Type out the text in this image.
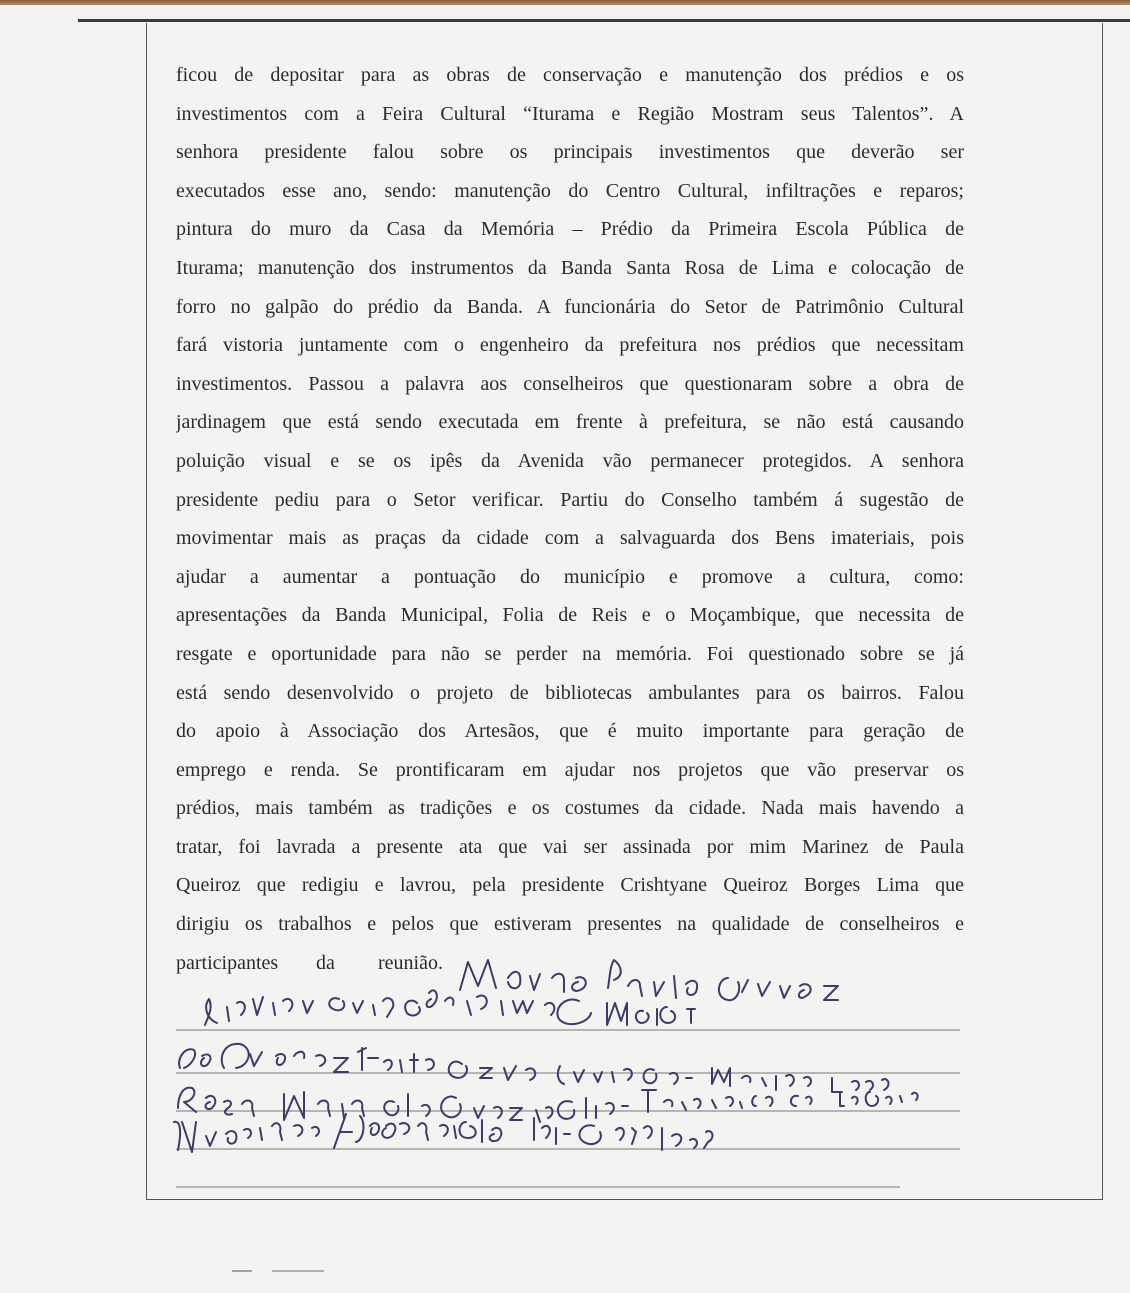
ficou de depositar para as obras de conservação e manutenção dos prédios e os
investimentos com a Feira Cultural “Iturama e Região Mostram seus Talentos”. A
senhora presidente falou sobre os principais investimentos que deverão ser
executados esse ano, sendo: manutenção do Centro Cultural, infiltrações e reparos;
pintura do muro da Casa da Memória – Prédio da Primeira Escola Pública de
Iturama; manutenção dos instrumentos da Banda Santa Rosa de Lima e colocação de
forro no galpão do prédio da Banda. A funcionária do Setor de Patrimônio Cultural
fará vistoria juntamente com o engenheiro da prefeitura nos prédios que necessitam
investimentos. Passou a palavra aos conselheiros que questionaram sobre a obra de
jardinagem que está sendo executada em frente à prefeitura, se não está causando
poluição visual e se os ipês da Avenida vão permanecer protegidos. A senhora
presidente pediu para o Setor verificar. Partiu do Conselho também á sugestão de
movimentar mais as praças da cidade com a salvaguarda dos Bens imateriais, pois
ajudar a aumentar a pontuação do município e promove a cultura, como:
apresentações da Banda Municipal, Folia de Reis e o Moçambique, que necessita de
resgate e oportunidade para não se perder na memória. Foi questionado sobre se já
está sendo desenvolvido o projeto de bibliotecas ambulantes para os bairros. Falou
do apoio à Associação dos Artesãos, que é muito importante para geração de
emprego e renda. Se prontificaram em ajudar nos projetos que vão preservar os
prédios, mais também as tradições e os costumes da cidade. Nada mais havendo a
tratar, foi lavrada a presente ata que vai ser assinada por mim Marinez de Paula
Queiroz que redigiu e lavrou, pela presidente Crishtyane Queiroz Borges Lima que
dirigiu os trabalhos e pelos que estiveram presentes na qualidade de conselheiros e
participantes da	reunião.
